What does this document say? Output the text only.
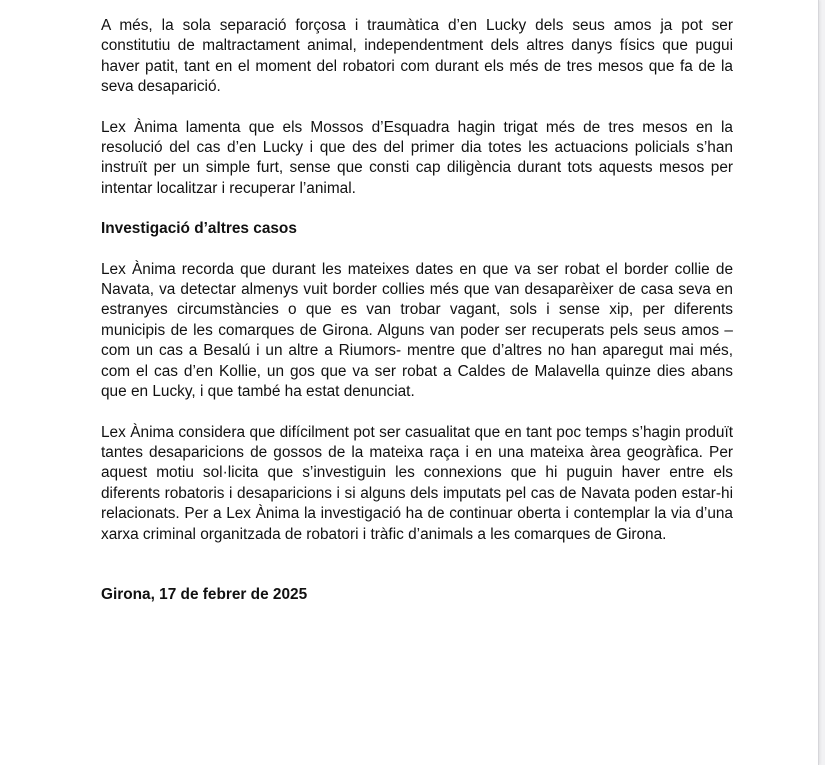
A més, la sola separació forçosa i traumàtica d’en Lucky dels seus amos ja pot ser constitutiu de maltractament animal, independentment dels altres danys físics que pugui haver patit, tant en el moment del robatori com durant els més de tres mesos que fa de la seva desaparició.

Lex Ànima lamenta que els Mossos d’Esquadra hagin trigat més de tres mesos en la resolució del cas d’en Lucky i que des del primer dia totes les actuacions policials s’han instruït per un simple furt, sense que consti cap diligència durant tots aquests mesos per intentar localitzar i recuperar l’animal.

Investigació d’altres casos

Lex Ànima recorda que durant les mateixes dates en que va ser robat el border collie de Navata, va detectar almenys vuit border collies més que van desaparèixer de casa seva en estranyes circumstàncies o que es van trobar vagant, sols i sense xip, per diferents municipis de les comarques de Girona. Alguns van poder ser recuperats pels seus amos –com un cas a Besalú i un altre a Riumors- mentre que d’altres no han aparegut mai més, com el cas d’en Kollie, un gos que va ser robat a Caldes de Malavella quinze dies abans que en Lucky, i que també ha estat denunciat.

Lex Ànima considera que difícilment pot ser casualitat que en tant poc temps s’hagin produït tantes desaparicions de gossos de la mateixa raça i en una mateixa àrea geogràfica. Per aquest motiu sol·licita que s’investiguin les connexions que hi puguin haver entre els diferents robatoris i desaparicions i si alguns dels imputats pel cas de Navata poden estar-hi relacionats. Per a Lex Ànima la investigació ha de continuar oberta i contemplar la via d’una xarxa criminal organitzada de robatori i tràfic d’animals a les comarques de Girona.

Girona, 17 de febrer de 2025
